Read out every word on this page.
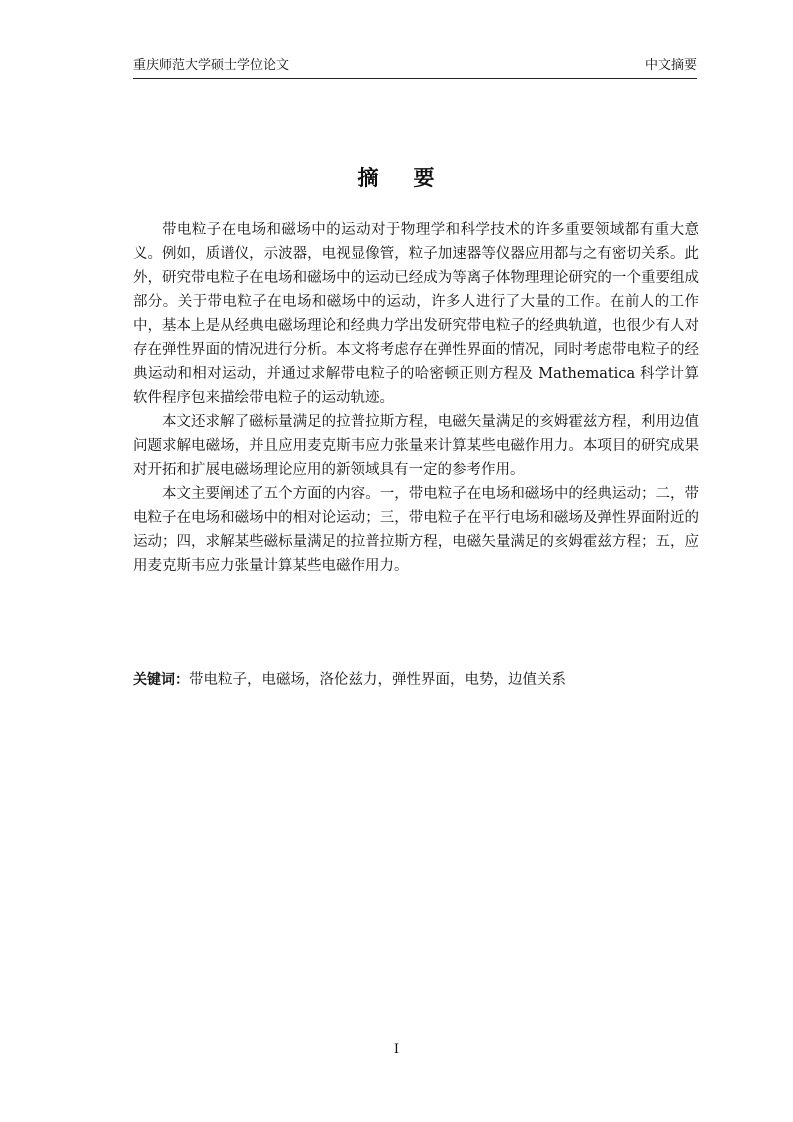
重庆师范大学硕士学位论文	中文摘要
摘 要

带电粒子在电场和磁场中的运动对于物理学和科学技术的许多重要领域都有重大意义。例如，质谱仪，示波器，电视显像管，粒子加速器等仪器应用都与之有密切关系。此外，研究带电粒子在电场和磁场中的运动已经成为等离子体物理理论研究的一个重要组成部分。关于带电粒子在电场和磁场中的运动，许多人进行了大量的工作。在前人的工作中，基本上是从经典电磁场理论和经典力学出发研究带电粒子的经典轨道，也很少有人对存在弹性界面的情况进行分析。本文将考虑存在弹性界面的情况，同时考虑带电粒子的经典运动和相对运动，并通过求解带电粒子的哈密顿正则方程及 Mathematica 科学计算软件程序包来描绘带电粒子的运动轨迹。

本文还求解了磁标量满足的拉普拉斯方程，电磁矢量满足的亥姆霍兹方程，利用边值问题求解电磁场，并且应用麦克斯韦应力张量来计算某些电磁作用力。本项目的研究成果对开拓和扩展电磁场理论应用的新领域具有一定的参考作用。

本文主要阐述了五个方面的内容。一，带电粒子在电场和磁场中的经典运动；二，带电粒子在电场和磁场中的相对论运动；三，带电粒子在平行电场和磁场及弹性界面附近的运动；四，求解某些磁标量满足的拉普拉斯方程，电磁矢量满足的亥姆霍兹方程；五，应用麦克斯韦应力张量计算某些电磁作用力。

关键词：带电粒子，电磁场，洛伦兹力，弹性界面，电势，边值关系
I
